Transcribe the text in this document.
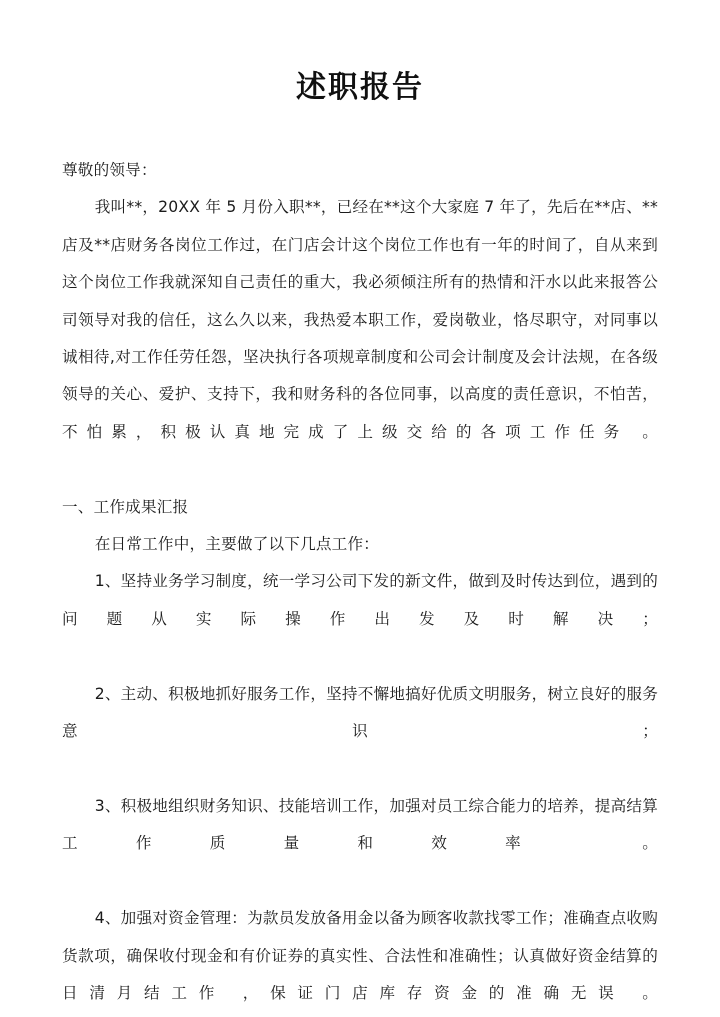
述职报告

尊敬的领导：

我叫**，20XX 年 5 月份入职**，已经在**这个大家庭 7 年了，先后在**店、**店及**店财务各岗位工作过，在门店会计这个岗位工作也有一年的时间了，自从来到这个岗位工作我就深知自己责任的重大，我必须倾注所有的热情和汗水以此来报答公司领导对我的信任，这么久以来，我热爱本职工作，爱岗敬业，恪尽职守，对同事以诚相待,对工作任劳任怨，坚决执行各项规章制度和公司会计制度及会计法规，在各级领导的关心、爱护、支持下，我和财务科的各位同事，以高度的责任意识，不怕苦，不怕累，积极认真地完成了上级交给的各项工作任务 。

一、工作成果汇报

在日常工作中，主要做了以下几点工作：

1、坚持业务学习制度，统一学习公司下发的新文件，做到及时传达到位，遇到的问题从实际操作出发及时解决；

2、主动、积极地抓好服务工作，坚持不懈地搞好优质文明服务，树立良好的服务意识；

3、积极地组织财务知识、技能培训工作，加强对员工综合能力的培养，提高结算工作质量和效率 。

4、加强对资金管理：为款员发放备用金以备为顾客收款找零工作；准确查点收购货款项，确保收付现金和有价证券的真实性、合法性和准确性；认真做好资金结算的日清月结工作 ，保证门店库存资金的准确无误 。
